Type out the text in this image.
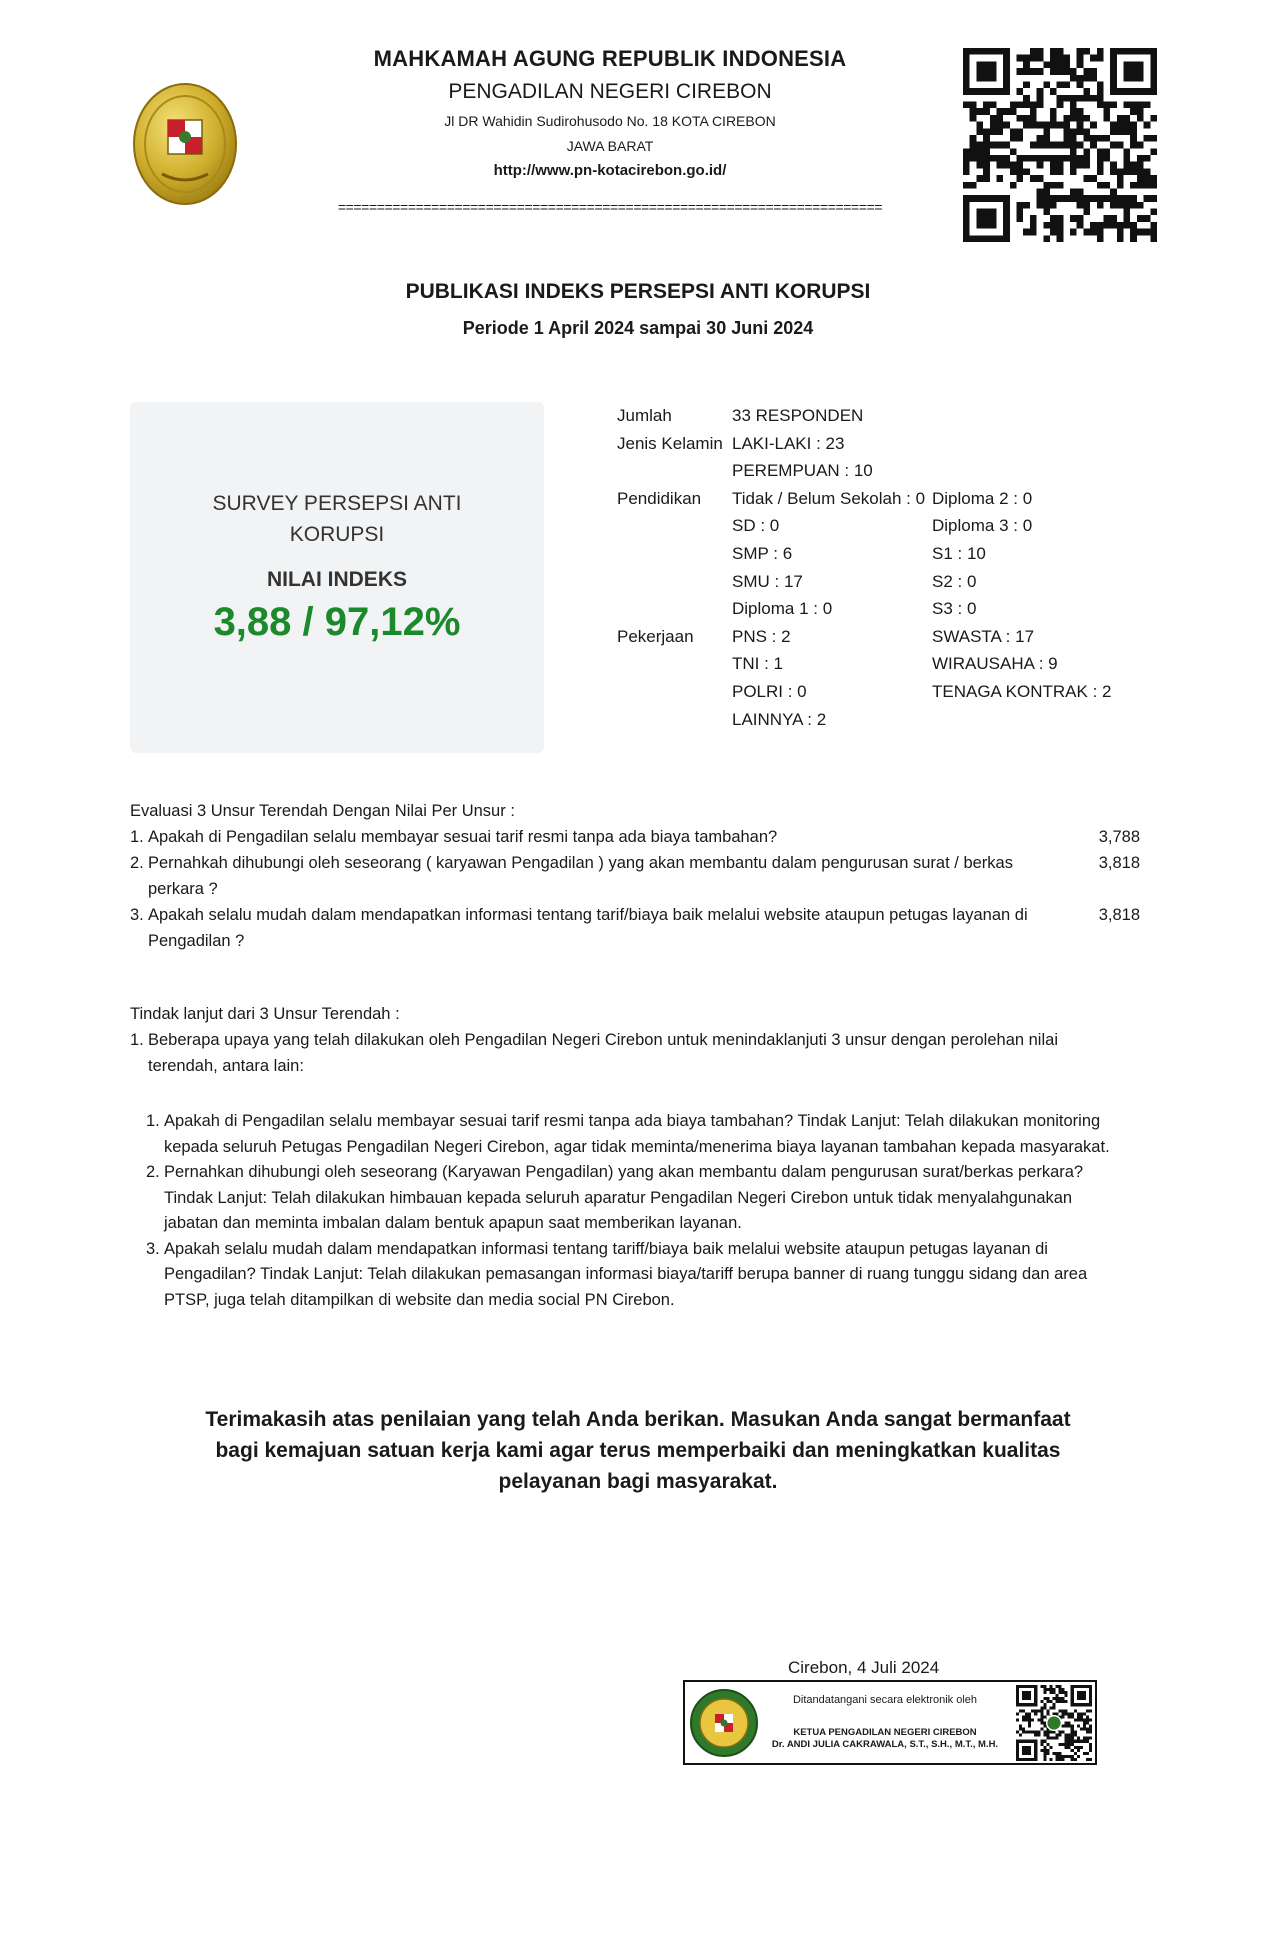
MAHKAMAH AGUNG REPUBLIK INDONESIA
PENGADILAN NEGERI CIREBON
Jl DR Wahidin Sudirohusodo No. 18 KOTA CIREBON
JAWA BARAT
http://www.pn-kotacirebon.go.id/
======================================================================
PUBLIKASI INDEKS PERSEPSI ANTI KORUPSI
Periode 1 April 2024 sampai 30 Juni 2024
SURVEY PERSEPSI ANTI KORUPSI
NILAI INDEKS
3,88 / 97,12%
Jumlah	33 RESPONDEN
Jenis Kelamin LAKI-LAKI : 23
PEREMPUAN : 10
Pendidikan Tidak / Belum Sekolah : 0
SD : 0
SMP : 6
SMU : 17
Diploma 1 : 0
Diploma 2 : 0
Diploma 3 : 0
S1 : 10
S2 : 0
S3 : 0
Pekerjaan PNS : 2
TNI : 1
POLRI : 0
LAINNYA : 2
SWASTA : 17
WIRAUSAHA : 9
TENAGA KONTRAK : 2
Evaluasi 3 Unsur Terendah Dengan Nilai Per Unsur :
1. Apakah di Pengadilan selalu membayar sesuai tarif resmi tanpa ada biaya tambahan?	3,788
2. Pernahkah dihubungi oleh seseorang ( karyawan Pengadilan ) yang akan membantu dalam pengurusan surat / berkas perkara ?
3,818
3. Apakah selalu mudah dalam mendapatkan informasi tentang tarif/biaya baik melalui website ataupun petugas layanan di Pengadilan ?
3,818
Tindak lanjut dari 3 Unsur Terendah :
1. Beberapa upaya yang telah dilakukan oleh Pengadilan Negeri Cirebon untuk menindaklanjuti 3 unsur dengan perolehan nilai terendah, antara lain:
1. Apakah di Pengadilan selalu membayar sesuai tarif resmi tanpa ada biaya tambahan? Tindak Lanjut: Telah dilakukan monitoring kepada seluruh Petugas Pengadilan Negeri Cirebon, agar tidak meminta/menerima biaya layanan tambahan kepada masyarakat.
2. Pernahkan dihubungi oleh seseorang (Karyawan Pengadilan) yang akan membantu dalam pengurusan surat/berkas perkara? Tindak Lanjut: Telah dilakukan himbauan kepada seluruh aparatur Pengadilan Negeri Cirebon untuk tidak menyalahgunakan jabatan dan meminta imbalan dalam bentuk apapun saat memberikan layanan.
3. Apakah selalu mudah dalam mendapatkan informasi tentang tariff/biaya baik melalui website ataupun petugas layanan di Pengadilan? Tindak Lanjut: Telah dilakukan pemasangan informasi biaya/tariff berupa banner di ruang tunggu sidang dan area PTSP, juga telah ditampilkan di website dan media social PN Cirebon.
Terimakasih atas penilaian yang telah Anda berikan. Masukan Anda sangat bermanfaat bagi kemajuan satuan kerja kami agar terus memperbaiki dan meningkatkan kualitas pelayanan bagi masyarakat.
Cirebon, 4 Juli 2024
Ditandatangani secara elektronik oleh
KETUA PENGADILAN NEGERI CIREBON
Dr. ANDI JULIA CAKRAWALA, S.T., S.H., M.T., M.H.
